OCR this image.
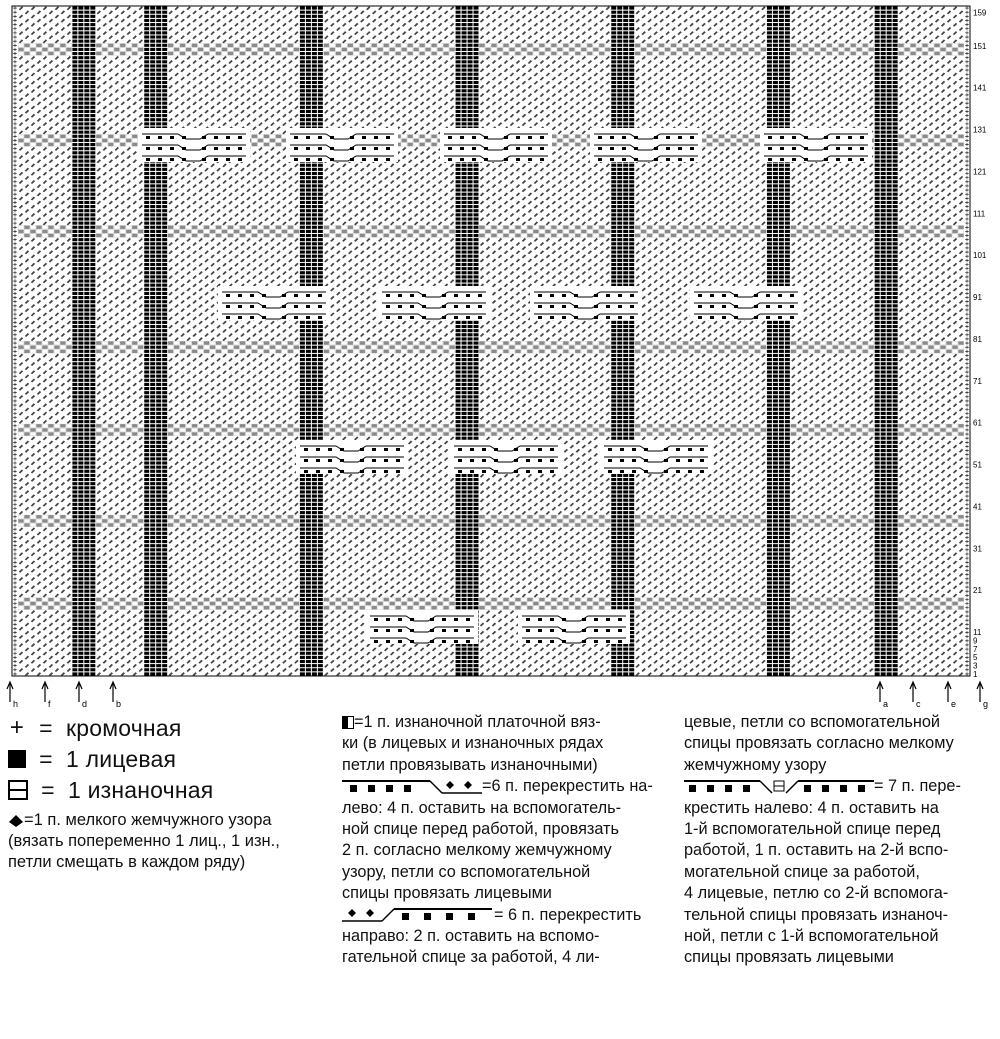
1
3
5
7
9
11
21
31
41
51
61
71
81
91
101
111
121
131
141
151
159
a
b	c
d	e
f	g
h
+ = кромочная
= 1 лицевая
= 1 изнаночная
=1 п. мелкого жемчужного узора
(вязать попеременно 1 лиц., 1 изн.,
петли смещать в каждом ряду)

=1 п. изнаночной платочной вяз-

ки (в лицевых и изнаночных рядах

петли провязывать изнаночными)

=6 п. перекрестить на-

лево: 4 п. оставить на вспомогатель-

ной спице перед работой, провязать

2 п. согласно мелкому жемчужному

узору, петли со вспомогательной

спицы провязать лицевыми

= 6 п. перекрестить

направо: 2 п. оставить на вспомо-

гательной спице за работой, 4 ли-

цевые, петли со вспомогательной

спицы провязать согласно мелкому

жемчужному узору

= 7 п. пере-

крестить налево: 4 п. оставить на

1-й вспомогательной спице перед

работой, 1 п. оставить на 2-й вспо-

могательной спице за работой,

4 лицевые, петлю со 2-й вспомога-

тельной спицы провязать изнаноч-

ной, петли с 1-й вспомогательной

спицы провязать лицевыми
